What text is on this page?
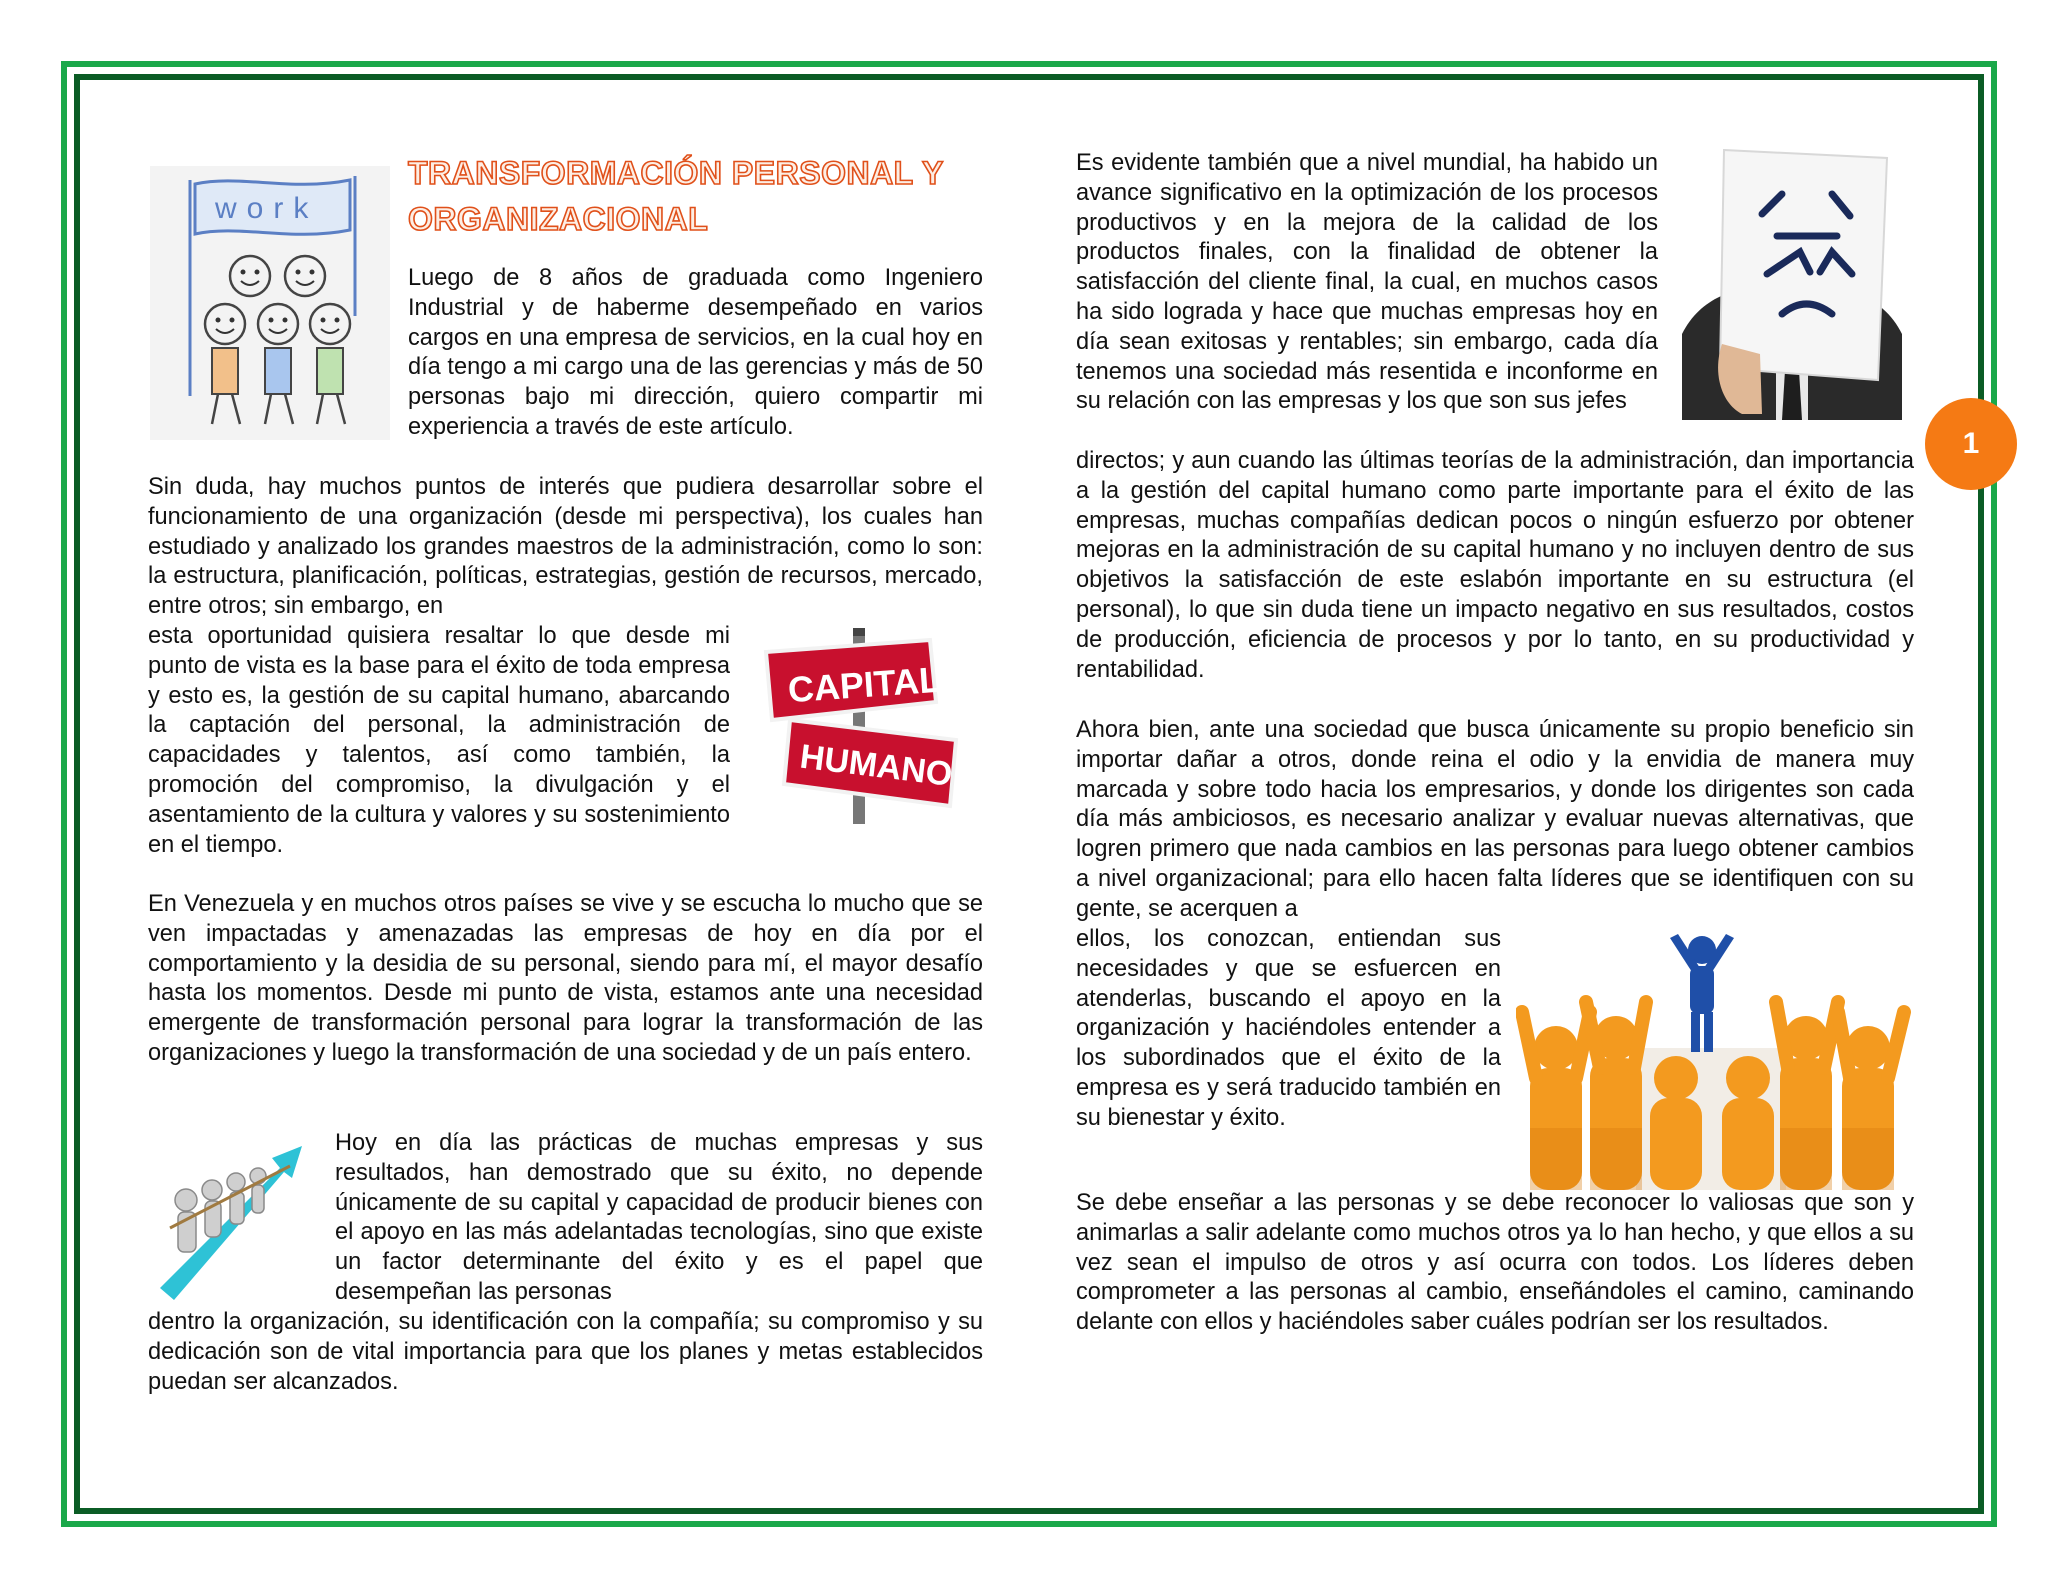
1
TRANSFORMACIÓN PERSONAL Y ORGANIZACIONAL
work
CAPITAL
HUMANO

Luego de 8 años de graduada como Ingeniero Industrial y de haberme desempeñado en varios cargos en una empresa de servicios, en la cual hoy en día tengo a mi cargo una de las gerencias y más de 50 personas bajo mi dirección, quiero compartir mi experiencia a través de este artículo.

Sin duda, hay muchos puntos de interés que pudiera desarrollar sobre el funcionamiento de una organización (desde mi perspectiva), los cuales han estudiado y analizado los grandes maestros de la administración, como lo son: la estructura, planificación, políticas, estrategias, gestión de recursos, mercado, entre otros; sin embargo, en

esta oportunidad quisiera resaltar lo que desde mi punto de vista es la base para el éxito de toda empresa y esto es, la gestión de su capital humano, abarcando la captación del personal, la administración de capacidades y talentos, así como también, la promoción del compromiso, la divulgación y el asentamiento de la cultura y valores y su sostenimiento en el tiempo.

En Venezuela y en muchos otros países se vive y se escucha lo mucho que se ven impactadas y amenazadas las empresas de hoy en día por el comportamiento y la desidia de su personal, siendo para mí, el mayor desafío hasta los momentos. Desde mi punto de vista, estamos ante una necesidad emergente de transformación personal para lograr la transformación de las organizaciones y luego la transformación de una sociedad y de un país entero.

Hoy en día las prácticas de muchas empresas y sus resultados, han demostrado que su éxito, no depende únicamente de su capital y capacidad de producir bienes con el apoyo en las más adelantadas tecnologías, sino que existe un factor determinante del éxito y es el papel que desempeñan las personas

dentro la organización, su identificación con la compañía; su compromiso y su dedicación son de vital importancia para que los planes y metas establecidos puedan ser alcanzados.

Es evidente también que a nivel mundial, ha habido un avance significativo en la optimización de los procesos productivos y en la mejora de la calidad de los productos finales, con la finalidad de obtener la satisfacción del cliente final, la cual, en muchos casos ha sido lograda y hace que muchas empresas hoy en día sean exitosas y rentables; sin embargo, cada día tenemos una sociedad más resentida e inconforme en su relación con las empresas y los que son sus jefes

directos; y aun cuando las últimas teorías de la administración, dan importancia a la gestión del capital humano como parte importante para el éxito de las empresas, muchas compañías dedican pocos o ningún esfuerzo por obtener mejoras en la administración de su capital humano y no incluyen dentro de sus objetivos la satisfacción de este eslabón importante en su estructura (el personal), lo que sin duda tiene un impacto negativo en sus resultados, costos de producción, eficiencia de procesos y por lo tanto, en su productividad y rentabilidad.

Ahora bien, ante una sociedad que busca únicamente su propio beneficio sin importar dañar a otros, donde reina el odio y la envidia de manera muy marcada y sobre todo hacia los empresarios, y donde los dirigentes son cada día más ambiciosos, es necesario analizar y evaluar nuevas alternativas, que logren primero que nada cambios en las personas para luego obtener cambios a nivel organizacional; para ello hacen falta líderes que se identifiquen con su gente, se acerquen a

ellos, los conozcan, entiendan sus necesidades y que se esfuercen en atenderlas, buscando el apoyo en la organización y haciéndoles entender a los subordinados que el éxito de la empresa es y será traducido también en su bienestar y éxito.

Se debe enseñar a las personas y se debe reconocer lo valiosas que son y animarlas a salir adelante como muchos otros ya lo han hecho, y que ellos a su vez sean el impulso de otros y así ocurra con todos. Los líderes deben comprometer a las personas al cambio, enseñándoles el camino, caminando delante con ellos y haciéndoles saber cuáles podrían ser los resultados.
